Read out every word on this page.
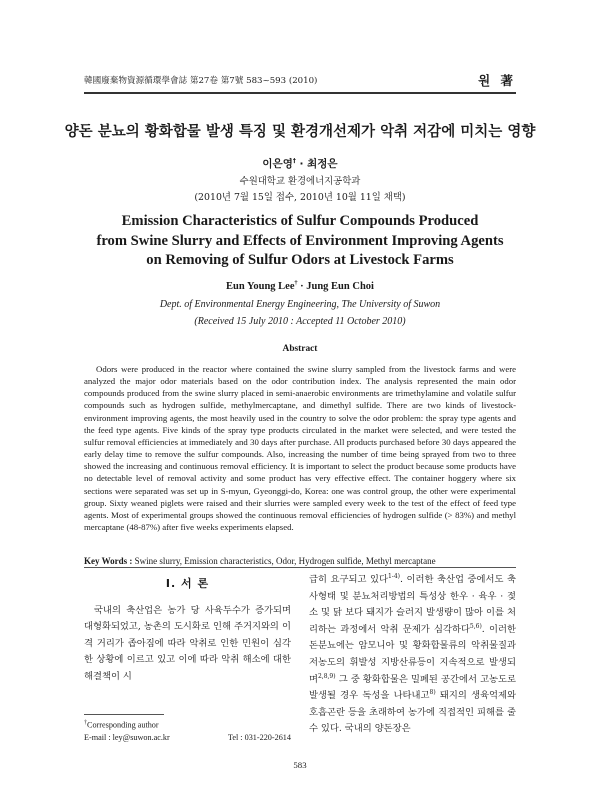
韓國廢棄物資源循環學會誌 第27卷 第7號 583~593 (2010)	원 著
양돈 분뇨의 황화합물 발생 특징 및 환경개선제가 악취 저감에 미치는 영향
이은영† · 최정은
수원대학교 환경에너지공학과
(2010년 7월 15일 접수, 2010년 10월 11일 채택)
Emission Characteristics of Sulfur Compounds Produced
from Swine Slurry and Effects of Environment Improving Agents
on Removing of Sulfur Odors at Livestock Farms
Eun Young Lee† · Jung Eun Choi
Dept. of Environmental Energy Engineering, The University of Suwon
(Received 15 July 2010 : Accepted 11 October 2010)
Abstract

Odors were produced in the reactor where contained the swine slurry sampled from the livestock farms and were analyzed the major odor materials based on the odor contribution index. The analysis represented the main odor compounds produced from the swine slurry placed in semi-anaerobic environments are trimethylamine and volatile sulfur compounds such as hydrogen sulfide, methylmercaptane, and dimethyl sulfide. There are two kinds of livestock-environment improving agents, the most heavily used in the country to solve the odor problem: the spray type agents and the feed type agents. Five kinds of the spray type products circulated in the market were selected, and were tested the sulfur removal efficiencies at immediately and 30 days after purchase. All products purchased before 30 days appeared the early delay time to remove the sulfur compounds. Also, increasing the number of time being sprayed from two to three showed the increasing and continuous removal efficiency. It is important to select the product because some products have no detectable level of removal activity and some product has very effective effect. The container hoggery where six sections were separated was set up in S-myun, Gyeonggi-do, Korea: one was control group, the other were experimental group. Sixty weaned piglets were raised and their slurries were sampled every week to the test of the effect of feed type agents. Most of experimental groups showed the continuous removal efficiencies of hydrogen sulfide (> 83%) and methyl mercaptane (48-87%) after five weeks experiments elapsed.

Key Words : Swine slurry, Emission characteristics, Odor, Hydrogen sulfide, Methyl mercaptane
I. 서 론

국내의 축산업은 농가 당 사육두수가 증가되며 대형화되었고, 농촌의 도시화로 인해 주거지와의 이격 거리가 좁아짐에 따라 악취로 인한 민원이 심각한 상황에 이르고 있고 이에 따라 악취 해소에 대한 해결책이 시

급히 요구되고 있다$^{1-4)}$. 이러한 축산업 중에서도 축사형태 및 분뇨처리방법의 특성상 한우 · 육우 · 젖소 및 닭 보다 돼지가 슬러지 발생량이 많아 이를 처리하는 과정에서 악취 문제가 심각하다$^{5,6)}$. 이러한 돈분뇨에는 암모니아 및 황화합물류의 악취물질과 저농도의 휘발성 지방산류등이 지속적으로 발생되며$^{2,8,9)}$ 그 중 황화합물은 밀폐된 공간에서 고농도로 발생될 경우 독성을 나타내고$^{8)}$ 돼지의 생육억제와 호흡곤란 등을 초래하여 농가에 직접적인 피해를 줄 수 있다. 국내의 양돈장은

†Corresponding author
E-mail : ley@suwon.ac.kr	Tel : 031-220-2614
583
